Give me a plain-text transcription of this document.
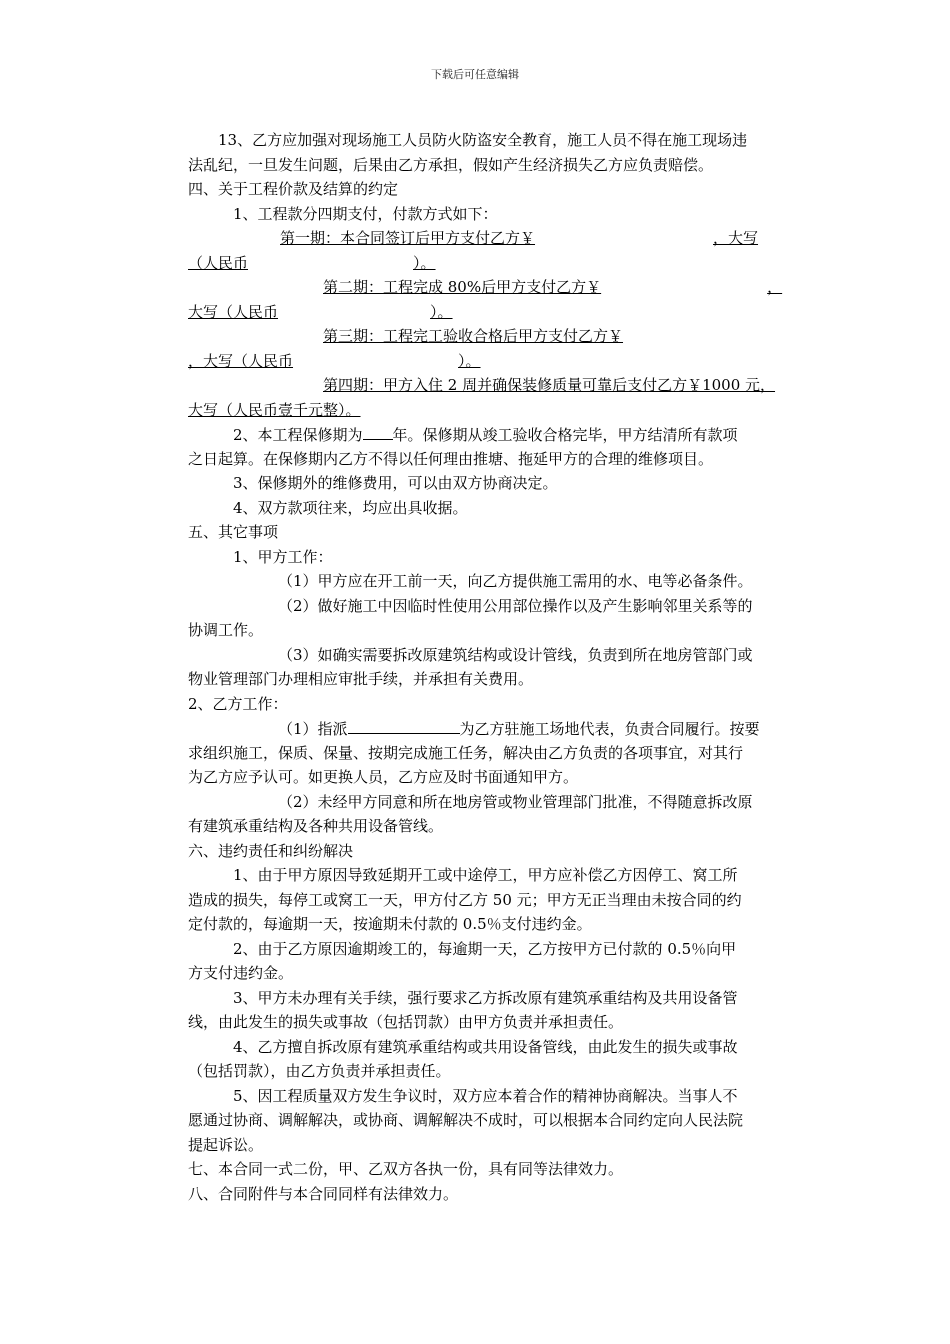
下载后可任意编辑
13、乙方应加强对现场施工人员防火防盗安全教育，施工人员不得在施工现场违
法乱纪，一旦发生问题，后果由乙方承担，假如产生经济损失乙方应负责赔偿。
四、关于工程价款及结算的约定
1、工程款分四期支付，付款方式如下：
第一期：本合同签订后甲方支付乙方￥	，大写
（人民币	）。
第二期：工程完成 80%后甲方支付乙方￥	，
大写（人民币	）。
第三期：工程完工验收合格后甲方支付乙方￥
，大写（人民币	）。
第四期：甲方入住 2 周并确保装修质量可靠后支付乙方￥1000 元，
大写（人民币壹千元整）。
2、本工程保修期为 年。保修期从竣工验收合格完毕，甲方结清所有款项
之日起算。在保修期内乙方不得以任何理由推塘、拖延甲方的合理的维修项目。
3、保修期外的维修费用，可以由双方协商决定。
4、双方款项往来，均应出具收据。
五、其它事项
1、甲方工作：
（1）甲方应在开工前一天，向乙方提供施工需用的水、电等必备条件。
（2）做好施工中因临时性使用公用部位操作以及产生影响邻里关系等的
协调工作。
（3）如确实需要拆改原建筑结构或设计管线，负责到所在地房管部门或
物业管理部门办理相应审批手续，并承担有关费用。
2、乙方工作：
（1）指派	为乙方驻施工场地代表，负责合同履行。按要
求组织施工，保质、保量、按期完成施工任务，解决由乙方负责的各项事宜，对其行
为乙方应予认可。如更换人员，乙方应及时书面通知甲方。
（2）未经甲方同意和所在地房管或物业管理部门批准，不得随意拆改原
有建筑承重结构及各种共用设备管线。
六、违约责任和纠纷解决
1、由于甲方原因导致延期开工或中途停工，甲方应补偿乙方因停工、窝工所
造成的损失，每停工或窝工一天，甲方付乙方 50 元；甲方无正当理由未按合同的约
定付款的，每逾期一天，按逾期未付款的 0.5％支付违约金。
2、由于乙方原因逾期竣工的，每逾期一天，乙方按甲方已付款的 0.5％向甲
方支付违约金。
3、甲方未办理有关手续，强行要求乙方拆改原有建筑承重结构及共用设备管
线，由此发生的损失或事故（包括罚款）由甲方负责并承担责任。
4、乙方擅自拆改原有建筑承重结构或共用设备管线，由此发生的损失或事故
（包括罚款），由乙方负责并承担责任。
5、因工程质量双方发生争议时，双方应本着合作的精神协商解决。当事人不
愿通过协商、调解解决，或协商、调解解决不成时，可以根据本合同约定向人民法院
提起诉讼。
七、本合同一式二份，甲、乙双方各执一份，具有同等法律效力。
八、合同附件与本合同同样有法律效力。
